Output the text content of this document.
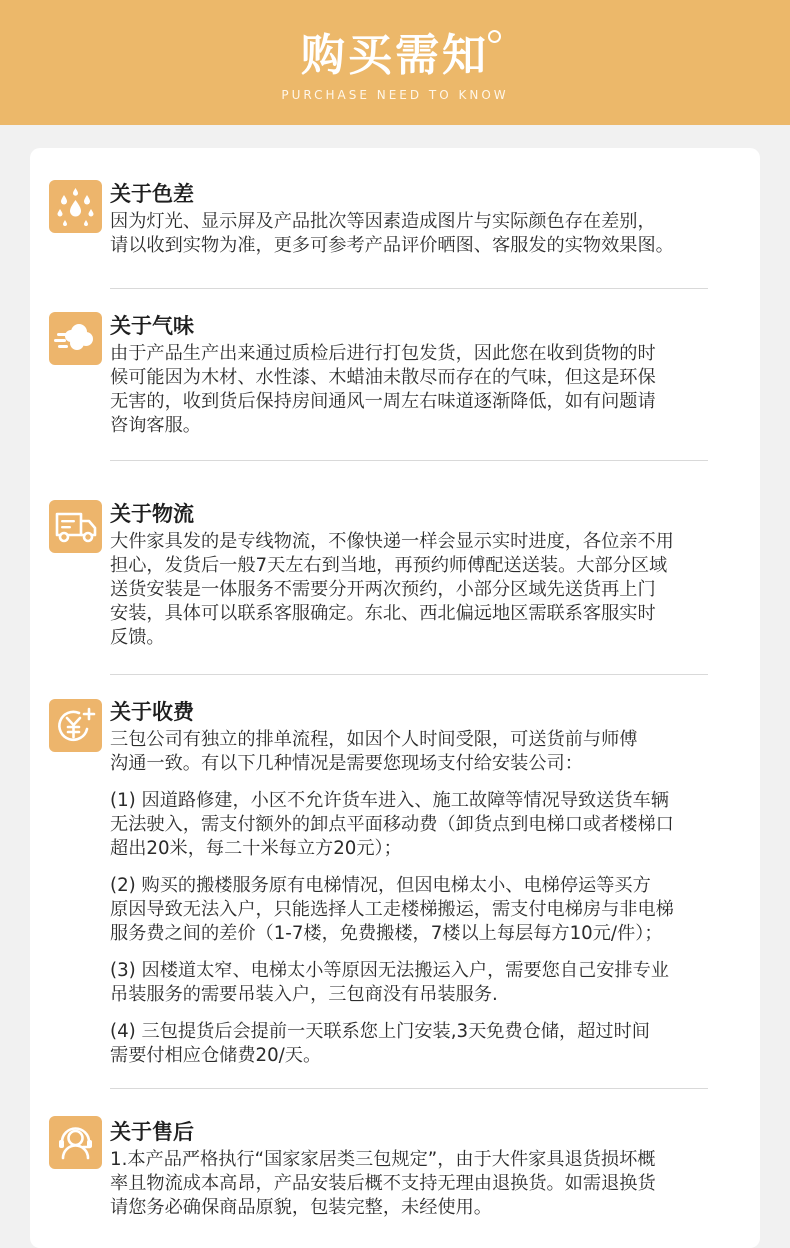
购买需知
PURCHASE NEED TO KNOW
关于色差
因为灯光、显示屏及产品批次等因素造成图片与实际颜色存在差别，
请以收到实物为准，更多可参考产品评价晒图、客服发的实物效果图。
关于气味
由于产品生产出来通过质检后进行打包发货，因此您在收到货物的时
候可能因为木材、水性漆、木蜡油未散尽而存在的气味，但这是环保
无害的，收到货后保持房间通风一周左右味道逐渐降低，如有问题请
咨询客服。
关于物流
大件家具发的是专线物流，不像快递一样会显示实时进度，各位亲不用
担心，发货后一般7天左右到当地，再预约师傅配送送装。大部分区域
送货安装是一体服务不需要分开两次预约，小部分区域先送货再上门
安装，具体可以联系客服确定。东北、西北偏远地区需联系客服实时
反馈。
关于收费
三包公司有独立的排单流程，如因个人时间受限，可送货前与师傅
沟通一致。有以下几种情况是需要您现场支付给安装公司：
(1) 因道路修建，小区不允许货车进入、施工故障等情况导致送货车辆
无法驶入，需支付额外的卸点平面移动费（卸货点到电梯口或者楼梯口
超出20米，每二十米每立方20元）；
(2) 购买的搬楼服务原有电梯情况，但因电梯太小、电梯停运等买方
原因导致无法入户，只能选择人工走楼梯搬运，需支付电梯房与非电梯
服务费之间的差价（1-7楼，免费搬楼，7楼以上每层每方10元/件）；
(3) 因楼道太窄、电梯太小等原因无法搬运入户，需要您自己安排专业
吊装服务的需要吊装入户，三包商没有吊装服务.
(4) 三包提货后会提前一天联系您上门安装,3天免费仓储，超过时间
需要付相应仓储费20/天。
关于售后
1.本产品严格执行“国家家居类三包规定”，由于大件家具退货损坏概
率且物流成本高昂，产品安装后概不支持无理由退换货。如需退换货
请您务必确保商品原貌，包装完整，未经使用。
